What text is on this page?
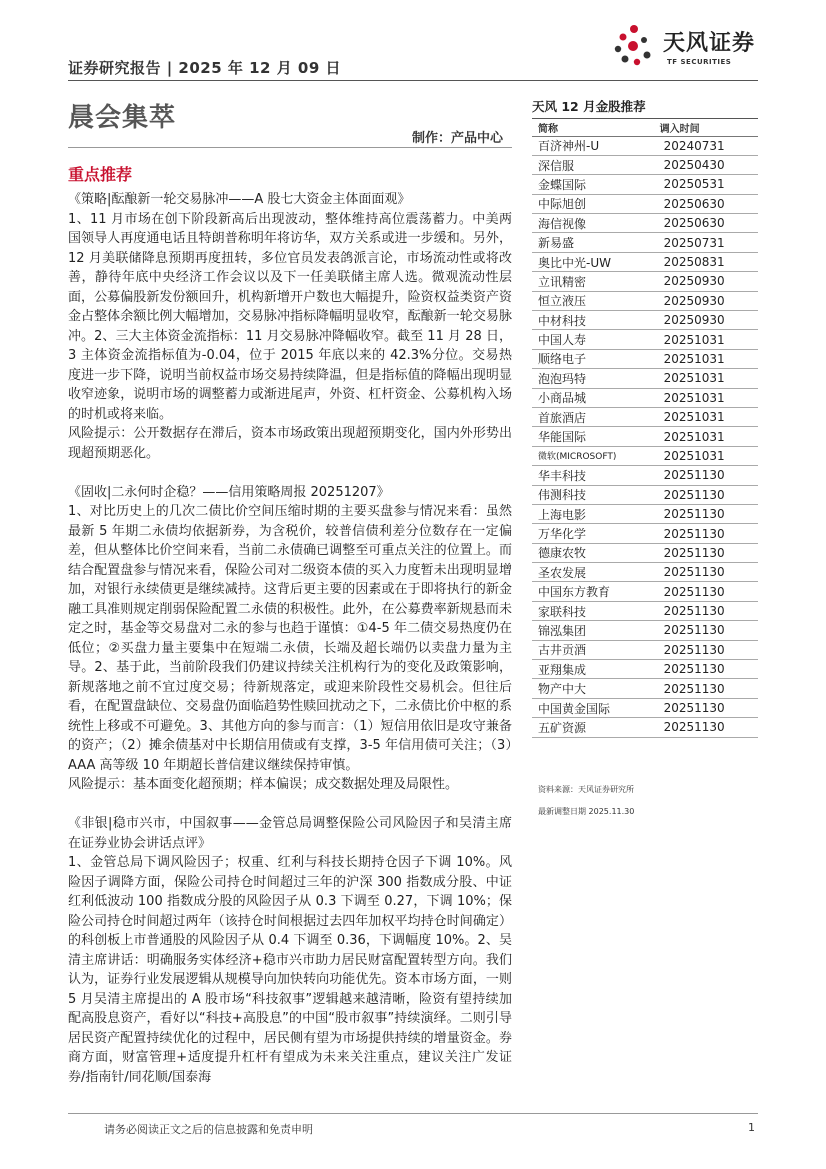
证券研究报告 | 2025 年 12 月 09 日
天风证券
TF SECURITIES
晨会集萃
制作：产品中心
重点推荐

《策略|酝酿新一轮交易脉冲——A 股七大资金主体面面观》

1、11 月市场在创下阶段新高后出现波动，整体维持高位震荡蓄力。中美两国领导人再度通电话且特朗普称明年将访华，双方关系或进一步缓和。另外，12 月美联储降息预期再度扭转，多位官员发表鸽派言论，市场流动性或将改善，静待年底中央经济工作会议以及下一任美联储主席人选。微观流动性层面，公募偏股新发份额回升，机构新增开户数也大幅提升，险资权益类资产资金占整体余额比例大幅增加，交易脉冲指标降幅明显收窄，酝酿新一轮交易脉冲。2、三大主体资金流指标：11 月交易脉冲降幅收窄。截至 11 月 28 日，3 主体资金流指标值为-0.04，位于 2015 年底以来的 42.3%分位。交易热度进一步下降，说明当前权益市场交易持续降温，但是指标值的降幅出现明显收窄迹象，说明市场的调整蓄力或渐进尾声，外资、杠杆资金、公募机构入场的时机或将来临。

风险提示：公开数据存在滞后，资本市场政策出现超预期变化，国内外形势出现超预期恶化。

《固收|二永何时企稳？——信用策略周报 20251207》

1、对比历史上的几次二债比价空间压缩时期的主要买盘参与情况来看：虽然最新 5 年期二永债均依据新券，为含税价，较普信债利差分位数存在一定偏差，但从整体比价空间来看，当前二永债确已调整至可重点关注的位置上。而结合配置盘参与情况来看，保险公司对二级资本债的买入力度暂未出现明显增加，对银行永续债更是继续减持。这背后更主要的因素或在于即将执行的新金融工具准则规定削弱保险配置二永债的积极性。此外，在公募费率新规悬而未定之时，基金等交易盘对二永的参与也趋于谨慎：①4-5 年二债交易热度仍在低位；②买盘力量主要集中在短端二永债，长端及超长端仍以卖盘力量为主导。2、基于此，当前阶段我们仍建议持续关注机构行为的变化及政策影响，新规落地之前不宜过度交易；待新规落定，或迎来阶段性交易机会。但往后看，在配置盘缺位、交易盘仍面临趋势性赎回扰动之下，二永债比价中枢的系统性上移或不可避免。3、其他方向的参与而言：（1）短信用依旧是攻守兼备的资产；（2）摊余债基对中长期信用债或有支撑，3-5 年信用债可关注；（3）AAA 高等级 10 年期超长普信建议继续保持审慎。

风险提示：基本面变化超预期；样本偏误；成交数据处理及局限性。

《非银|稳市兴市，中国叙事——金管总局调整保险公司风险因子和吴清主席在证券业协会讲话点评》

1、金管总局下调风险因子；权重、红利与科技长期持仓因子下调 10%。风险因子调降方面，保险公司持仓时间超过三年的沪深 300 指数成分股、中证红利低波动 100 指数成分股的风险因子从 0.3 下调至 0.27，下调 10%；保险公司持仓时间超过两年（该持仓时间根据过去四年加权平均持仓时间确定）的科创板上市普通股的风险因子从 0.4 下调至 0.36，下调幅度 10%。2、吴清主席讲话：明确服务实体经济+稳市兴市助力居民财富配置转型方向。我们认为，证券行业发展逻辑从规模导向加快转向功能优先。资本市场方面，一则 5 月吴清主席提出的 A 股市场“科技叙事”逻辑越来越清晰，险资有望持续加配高股息资产，看好以“科技+高股息”的中国“股市叙事”持续演绎。二则引导居民资产配置持续优化的过程中，居民侧有望为市场提供持续的增量资金。券商方面，财富管理+适度提升杠杆有望成为未来关注重点，建议关注广发证券/指南针/同花顺/国泰海

天风 12 月金股推荐
简称	调入时间
百济神州-U	20240731
深信服	20250430
金蝶国际	20250531
中际旭创	20250630
海信视像	20250630
新易盛	20250731
奥比中光-UW	20250831
立讯精密	20250930
恒立液压	20250930
中材科技	20250930
中国人寿	20251031
顺络电子	20251031
泡泡玛特	20251031
小商品城	20251031
首旅酒店	20251031
华能国际	20251031
微软(MICROSOFT)	20251031
华丰科技	20251130
伟测科技	20251130
上海电影	20251130
万华化学	20251130
德康农牧	20251130
圣农发展	20251130
中国东方教育	20251130
家联科技	20251130
锦泓集团	20251130
古井贡酒	20251130
亚翔集成	20251130
物产中大	20251130
中国黄金国际	20251130
五矿资源	20251130
资料来源：天风证券研究所
最新调整日期 2025.11.30
请务必阅读正文之后的信息披露和免责申明	1
